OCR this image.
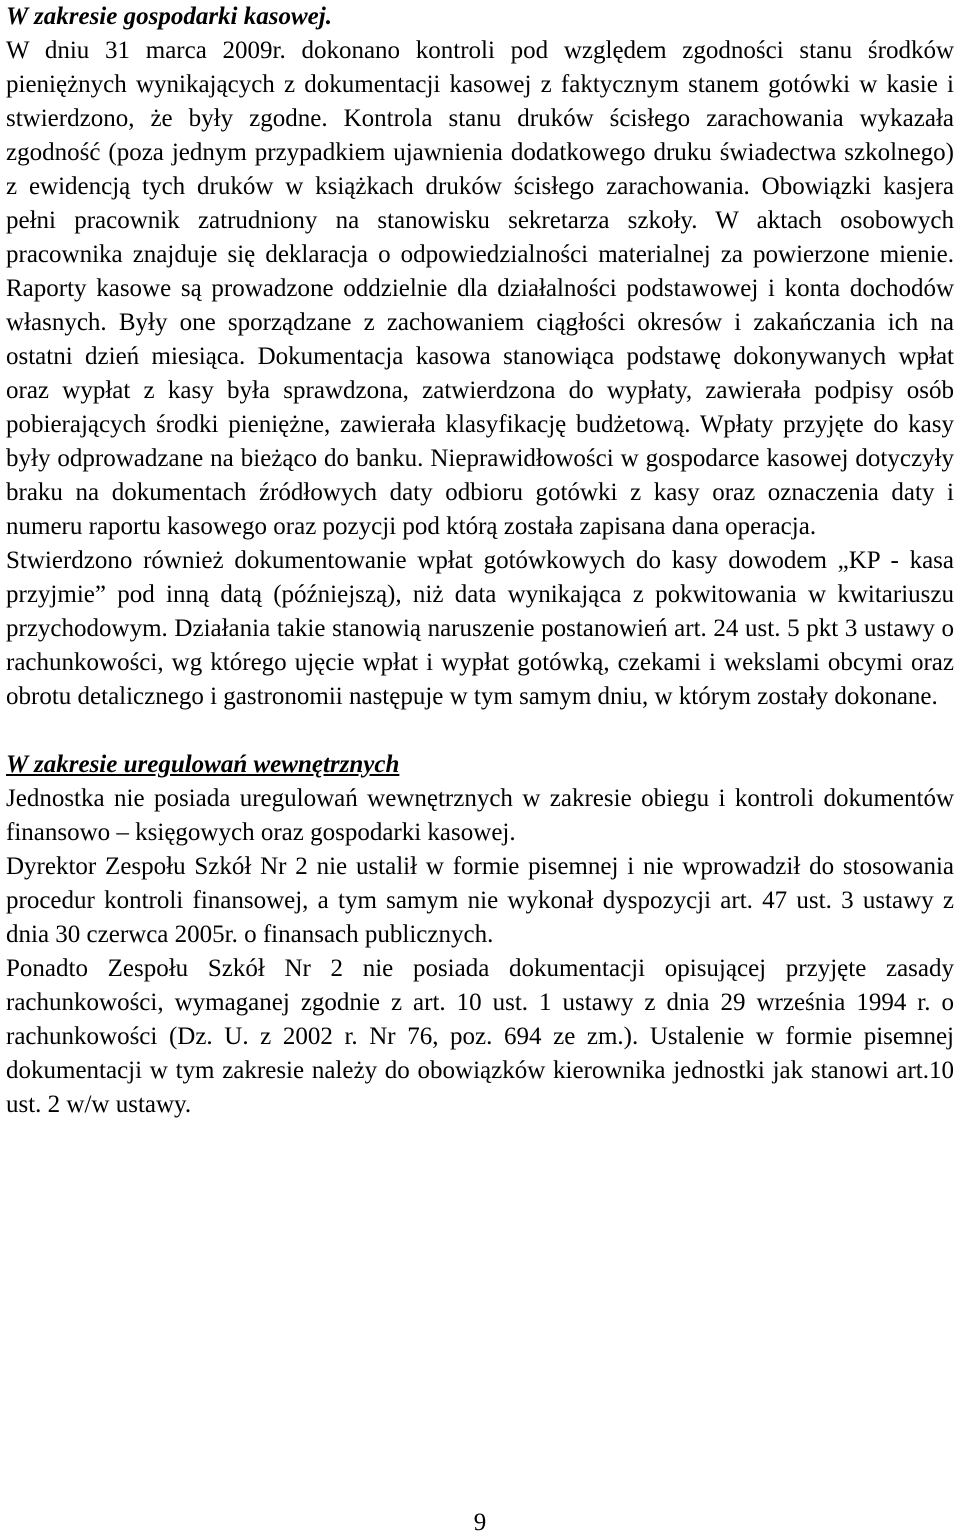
W zakresie gospodarki kasowej.

W dniu 31 marca 2009r. dokonano kontroli pod względem zgodności stanu środków pieniężnych wynikających z dokumentacji kasowej z faktycznym stanem gotówki w kasie i stwierdzono, że były zgodne. Kontrola stanu druków ścisłego zarachowania wykazała zgodność (poza jednym przypadkiem ujawnienia dodatkowego druku świadectwa szkolnego) z ewidencją tych druków w książkach druków ścisłego zarachowania. Obowiązki kasjera pełni pracownik zatrudniony na stanowisku sekretarza szkoły. W aktach osobowych pracownika znajduje się deklaracja o odpowiedzialności materialnej za powierzone mienie. Raporty kasowe są prowadzone oddzielnie dla działalności podstawowej i konta dochodów własnych. Były one sporządzane z zachowaniem ciągłości okresów i zakańczania ich na ostatni dzień miesiąca. Dokumentacja kasowa stanowiąca podstawę dokonywanych wpłat oraz wypłat z kasy była sprawdzona, zatwierdzona do wypłaty, zawierała podpisy osób pobierających środki pieniężne, zawierała klasyfikację budżetową. Wpłaty przyjęte do kasy były odprowadzane na bieżąco do banku. Nieprawidłowości w gospodarce kasowej dotyczyły braku na dokumentach źródłowych daty odbioru gotówki z kasy oraz oznaczenia daty i numeru raportu kasowego oraz pozycji pod którą została zapisana dana operacja.

Stwierdzono również dokumentowanie wpłat gotówkowych do kasy dowodem „KP - kasa przyjmie” pod inną datą (późniejszą), niż data wynikająca z pokwitowania w kwitariuszu przychodowym. Działania takie stanowią naruszenie postanowień art. 24 ust. 5 pkt 3 ustawy o rachunkowości, wg którego ujęcie wpłat i wypłat gotówką, czekami i wekslami obcymi oraz obrotu detalicznego i gastronomii następuje w tym samym dniu, w którym zostały dokonane.

W zakresie uregulowań wewnętrznych

Jednostka nie posiada uregulowań wewnętrznych w zakresie obiegu i kontroli dokumentów finansowo – księgowych oraz gospodarki kasowej.

Dyrektor Zespołu Szkół Nr 2 nie ustalił w formie pisemnej i nie wprowadził do stosowania procedur kontroli finansowej, a tym samym nie wykonał dyspozycji art. 47 ust. 3 ustawy z dnia 30 czerwca 2005r. o finansach publicznych.

Ponadto Zespołu Szkół Nr 2 nie posiada dokumentacji opisującej przyjęte zasady rachunkowości, wymaganej zgodnie z art. 10 ust. 1 ustawy z dnia 29 września 1994 r. o rachunkowości (Dz. U. z 2002 r. Nr 76, poz. 694 ze zm.). Ustalenie w formie pisemnej dokumentacji w tym zakresie należy do obowiązków kierownika jednostki jak stanowi art.10 ust. 2 w/w ustawy.

9
